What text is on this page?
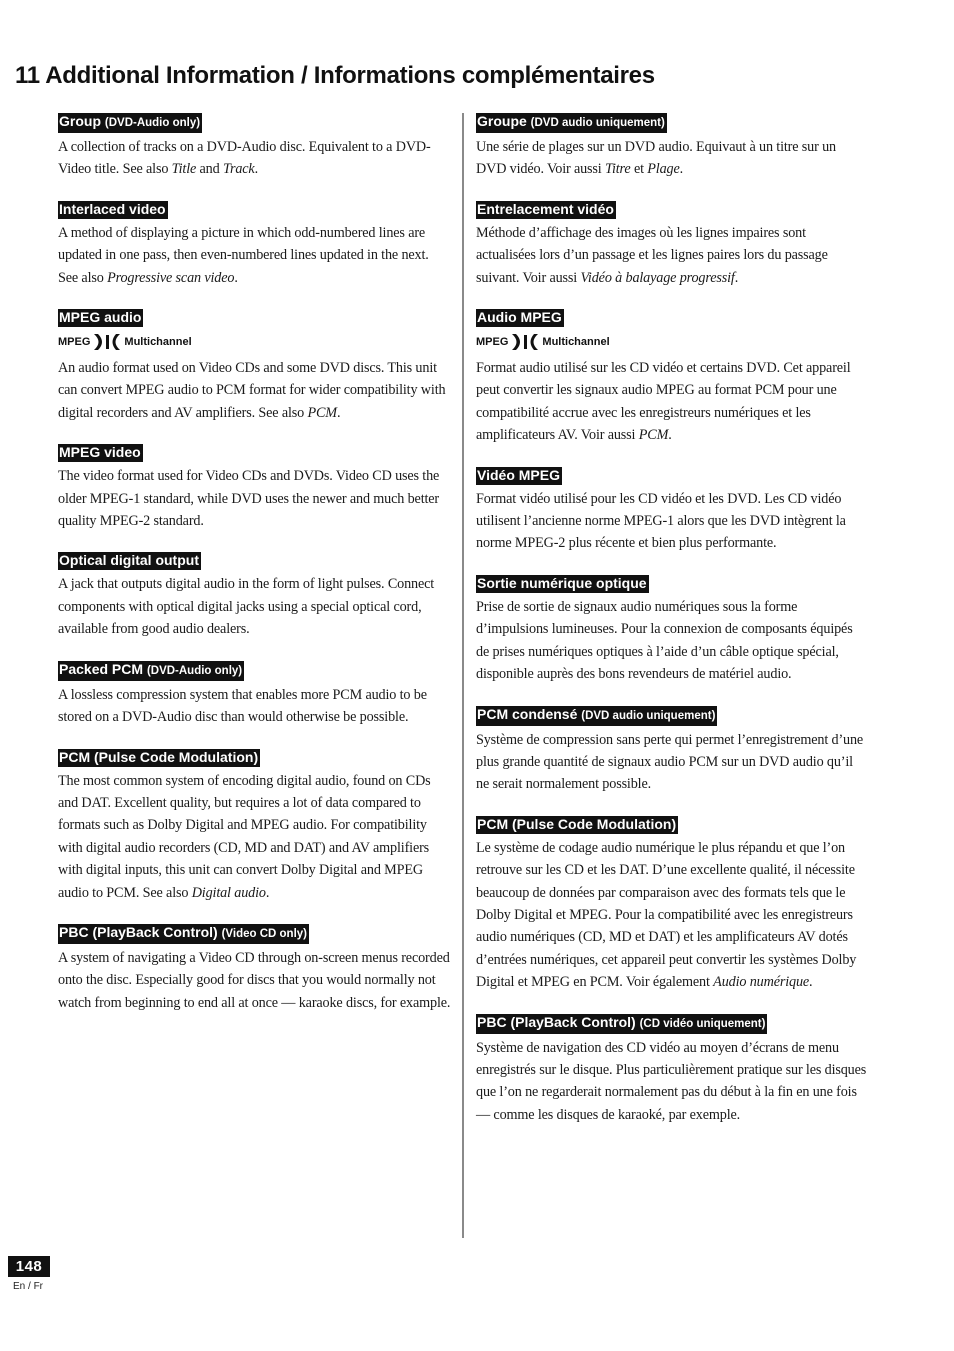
11 Additional Information / Informations complémentaires
Group (DVD-Audio only)

A collection of tracks on a DVD-Audio disc. Equivalent to a DVD-Video title. See also Title and Track.

Interlaced video

A method of displaying a picture in which odd-numbered lines are updated in one pass, then even-numbered lines updated in the next. See also Progressive scan video.

MPEG audio
MPEG	Multichannel

An audio format used on Video CDs and some DVD discs. This unit can convert MPEG audio to PCM format for wider compatibility with digital recorders and AV amplifiers. See also PCM.

MPEG video

The video format used for Video CDs and DVDs. Video CD uses the older MPEG-1 standard, while DVD uses the newer and much better quality MPEG-2 standard.

Optical digital output

A jack that outputs digital audio in the form of light pulses. Connect components with optical digital jacks using a special optical cord, available from good audio dealers.

Packed PCM (DVD-Audio only)

A lossless compression system that enables more PCM audio to be stored on a DVD-Audio disc than would otherwise be possible.

PCM (Pulse Code Modulation)

The most common system of encoding digital audio, found on CDs and DAT. Excellent quality, but requires a lot of data compared to formats such as Dolby Digital and MPEG audio. For compatibility with digital audio recorders (CD, MD and DAT) and AV amplifiers with digital inputs, this unit can convert Dolby Digital and MPEG audio to PCM. See also Digital audio.

PBC (PlayBack Control) (Video CD only)

A system of navigating a Video CD through on-screen menus recorded onto the disc. Especially good for discs that you would normally not watch from beginning to end all at once — karaoke discs, for example.

Groupe (DVD audio uniquement)

Une série de plages sur un DVD audio. Equivaut à un titre sur un DVD vidéo. Voir aussi Titre et Plage.

Entrelacement vidéo

Méthode d’affichage des images où les lignes impaires sont actualisées lors d’un passage et les lignes paires lors du passage suivant. Voir aussi Vidéo à balayage progressif.

Audio MPEG
MPEG	Multichannel

Format audio utilisé sur les CD vidéo et certains DVD. Cet appareil peut convertir les signaux audio MPEG au format PCM pour une compatibilité accrue avec les enregistreurs numériques et les amplificateurs AV. Voir aussi PCM.

Vidéo MPEG

Format vidéo utilisé pour les CD vidéo et les DVD. Les CD vidéo utilisent l’ancienne norme MPEG-1 alors que les DVD intègrent la norme MPEG-2 plus récente et bien plus performante.

Sortie numérique optique

Prise de sortie de signaux audio numériques sous la forme d’impulsions lumineuses. Pour la connexion de composants équipés de prises numériques optiques à l’aide d’un câble optique spécial, disponible auprès des bons revendeurs de matériel audio.

PCM condensé (DVD audio uniquement)

Système de compression sans perte qui permet l’enregistrement d’une plus grande quantité de signaux audio PCM sur un DVD audio qu’il ne serait normalement possible.

PCM (Pulse Code Modulation)

Le système de codage audio numérique le plus répandu et que l’on retrouve sur les CD et les DAT. D’une excellente qualité, il nécessite beaucoup de données par comparaison avec des formats tels que le Dolby Digital et MPEG. Pour la compatibilité avec les enregistreurs audio numériques (CD, MD et DAT) et les amplificateurs AV dotés d’entrées numériques, cet appareil peut convertir les systèmes Dolby Digital et MPEG en PCM. Voir également Audio numérique.

PBC (PlayBack Control) (CD vidéo uniquement)

Système de navigation des CD vidéo au moyen d’écrans de menu enregistrés sur le disque. Plus particulièrement pratique sur les disques que l’on ne regarderait normalement pas du début à la fin en une fois— comme les disques de karaoké, par exemple.

148
En / Fr
